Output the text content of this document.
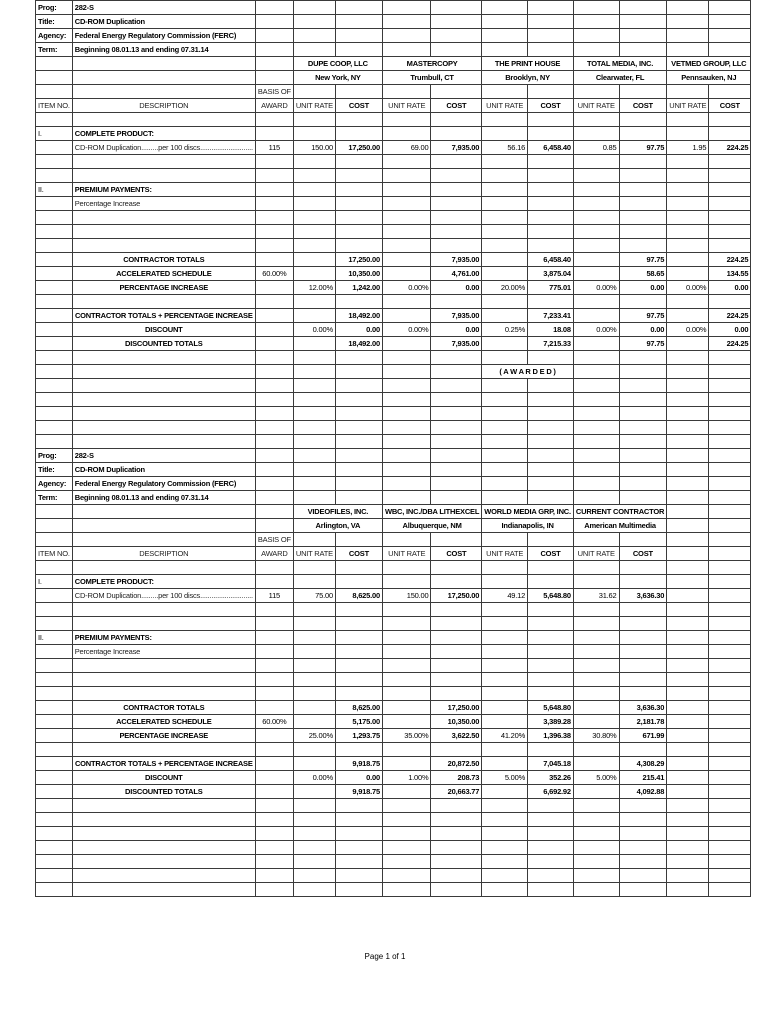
Prog:	282-S											
Title:	CD-ROM Duplication											
Agency:	Federal Energy Regulatory Commission (FERC)											
Term:	Beginning 08.01.13 and ending 07.31.14											
			DUPE COOP, LLC		MASTERCOPY		THE PRINT HOUSE		TOTAL MEDIA, INC.		VETMED GROUP, LLC	
			New York, NY		Trumbull, CT		Brooklyn, NY		Clearwater, FL		Pennsauken, NJ	
		BASIS OF										
ITEM NO.	DESCRIPTION	AWARD	UNIT RATE	COST	UNIT RATE	COST	UNIT RATE	COST	UNIT RATE	COST	UNIT RATE	COST

I.	COMPLETE PRODUCT:											
	CD-ROM Duplication.........per 100 discs............................	115	150.00	17,250.00	69.00	7,935.00	56.16	6,458.40	0.85	97.75	1.95	224.25

II.	PREMIUM PAYMENTS:											
	Percentage Increase											

	CONTRACTOR TOTALS			17,250.00		7,935.00		6,458.40		97.75		224.25
	ACCELERATED SCHEDULE	60.00%		10,350.00		4,761.00		3,875.04		58.65		134.55
	PERCENTAGE INCREASE		12.00%	1,242.00	0.00%	0.00	20.00%	775.01	0.00%	0.00	0.00%	0.00

	CONTRACTOR TOTALS + PERCENTAGE INCREASE			18,492.00		7,935.00		7,233.41		97.75		224.25
	DISCOUNT		0.00%	0.00	0.00%	0.00	0.25%	18.08	0.00%	0.00	0.00%	0.00
	DISCOUNTED TOTALS			18,492.00		7,935.00		7,215.33		97.75		224.25

							( A W A R D E D )					

Prog:	282-S											
Title:	CD-ROM Duplication											
Agency:	Federal Energy Regulatory Commission (FERC)											
Term:	Beginning 08.01.13 and ending 07.31.14											
			VIDEOFILES, INC.		WBC, INC./DBA LITHEXCEL		WORLD MEDIA GRP, INC.		CURRENT CONTRACTOR			
			Arlington, VA		Albuquerque, NM		Indianapolis, IN		American Multimedia			
		BASIS OF										
ITEM NO.	DESCRIPTION	AWARD	UNIT RATE	COST	UNIT RATE	COST	UNIT RATE	COST	UNIT RATE	COST		

I.	COMPLETE PRODUCT:											
	CD-ROM Duplication.........per 100 discs............................	115	75.00	8,625.00	150.00	17,250.00	49.12	5,648.80	31.62	3,636.30		

II.	PREMIUM PAYMENTS:											
	Percentage Increase											

	CONTRACTOR TOTALS			8,625.00		17,250.00		5,648.80		3,636.30		
	ACCELERATED SCHEDULE	60.00%		5,175.00		10,350.00		3,389.28		2,181.78		
	PERCENTAGE INCREASE		25.00%	1,293.75	35.00%	3,622.50	41.20%	1,396.38	30.80%	671.99		

	CONTRACTOR TOTALS + PERCENTAGE INCREASE			9,918.75		20,872.50		7,045.18		4,308.29		
	DISCOUNT		0.00%	0.00	1.00%	208.73	5.00%	352.26	5.00%	215.41		
	DISCOUNTED TOTALS			9,918.75		20,663.77		6,692.92		4,092.88		

Page 1 of 1
